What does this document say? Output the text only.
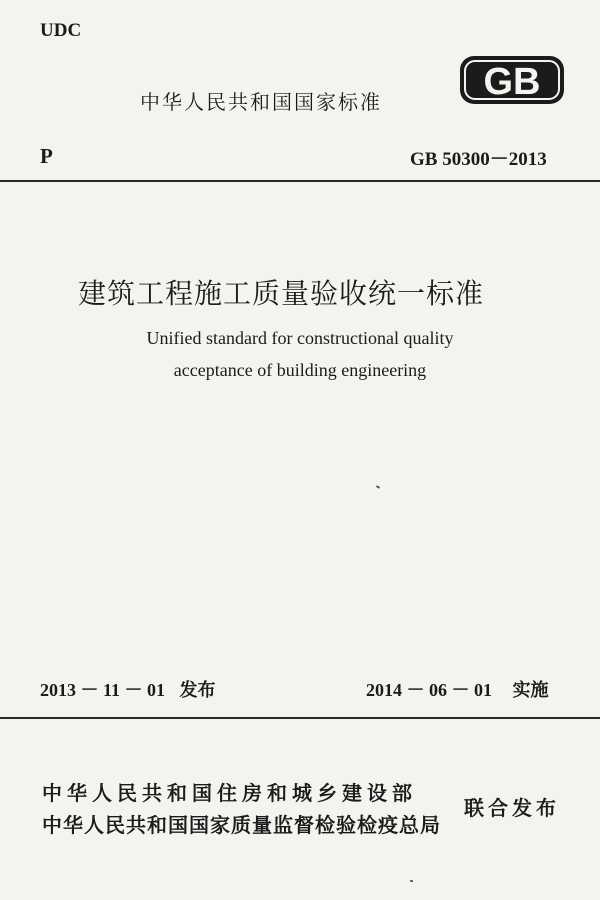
UDC
中华人民共和国国家标准	GB
P	GB 50300－2013
建筑工程施工质量验收统一标准
Unified standard for constructional quality
acceptance of building engineering
2013 － 11 － 01 发布	2014 － 06 － 01 实施
中华人民共和国住房和城乡建设部
中华人民共和国国家质量监督检验检疫总局
联合发布
